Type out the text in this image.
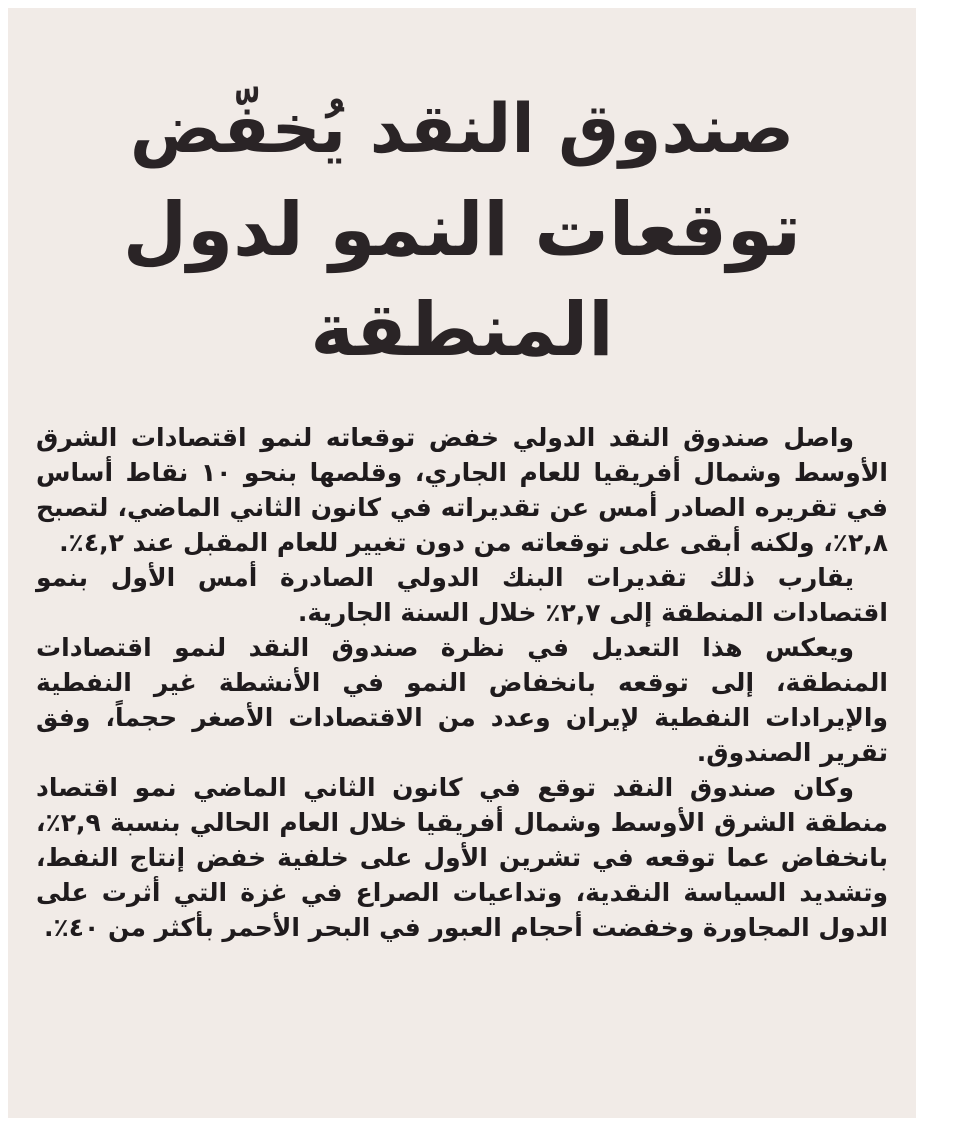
صندوق النقد يُخفّض
توقعات النمو لدول المنطقة

واصل صندوق النقد الدولي خفض توقعاته لنمو اقتصادات الشرق الأوسط وشمال أفريقيا للعام الجاري، وقلصها بنحو ١٠ نقاط أساس في تقريره الصادر أمس عن تقديراته في كانون الثاني الماضي، لتصبح ٢,٨٪، ولكنه أبقى على توقعاته من دون تغيير للعام المقبل عند ٤,٢٪.

يقارب ذلك تقديرات البنك الدولي الصادرة أمس الأول بنمو اقتصادات المنطقة إلى ٢,٧٪ خلال السنة الجارية.

ويعكس هذا التعديل في نظرة صندوق النقد لنمو اقتصادات المنطقة، إلى توقعه بانخفاض النمو في الأنشطة غير النفطية والإيرادات النفطية لإيران وعدد من الاقتصادات الأصغر حجماً، وفق تقرير الصندوق.

وكان صندوق النقد توقع في كانون الثاني الماضي نمو اقتصاد منطقة الشرق الأوسط وشمال أفريقيا خلال العام الحالي بنسبة ٢,٩٪، بانخفاض عما توقعه في تشرين الأول على خلفية خفض إنتاج النفط، وتشديد السياسة النقدية، وتداعيات الصراع في غزة التي أثرت على الدول المجاورة وخفضت أحجام العبور في البحر الأحمر بأكثر من ٤٠٪.
